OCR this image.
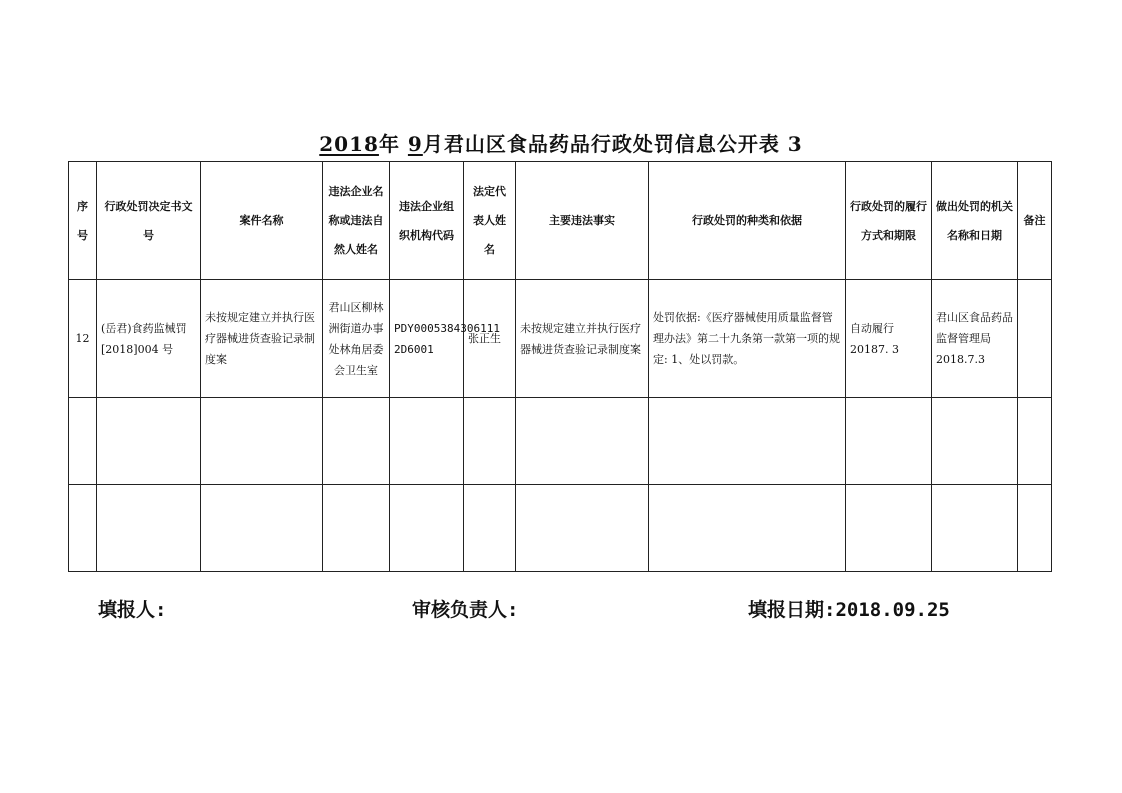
2018年 9月君山区食品药品行政处罚信息公开表 3
序号	行政处罚决定书文号	案件名称	违法企业名称或违法自然人姓名	违法企业组织机构代码	法定代表人姓名	主要违法事实	行政处罚的种类和依据	行政处罚的履行方式和期限	做出处罚的机关名称和日期	备注
12	(岳君)食药监械罚[2018]004 号	未按规定建立并执行医疗器械进货查验记录制度案	君山区柳林洲街道办事处林角居委会卫生室	PDY0005384306111 2D6001	张正生	未按规定建立并执行医疗器械进货查验记录制度案	处罚依据:《医疗器械使用质量监督管理办法》第二十九条第一款第一项的规定: 1、处以罚款。	自动履行 20187. 3	君山区食品药品监督管理局 2018.7.3	

填报人:	审核负责人:	填报日期:2018.09.25
